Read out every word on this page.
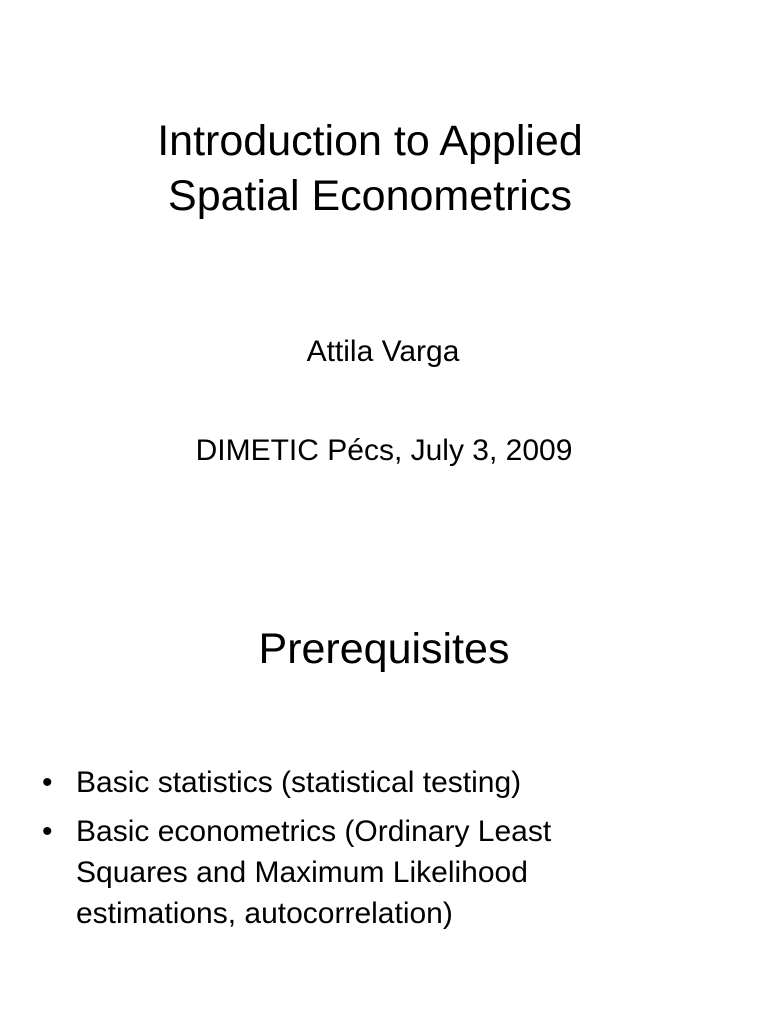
Introduction to Applied
Spatial Econometrics
Attila Varga
DIMETIC Pécs, July 3, 2009
Prerequisites
• Basic statistics (statistical testing)
• Basic econometrics (Ordinary Least
Squares and Maximum Likelihood
estimations, autocorrelation)
